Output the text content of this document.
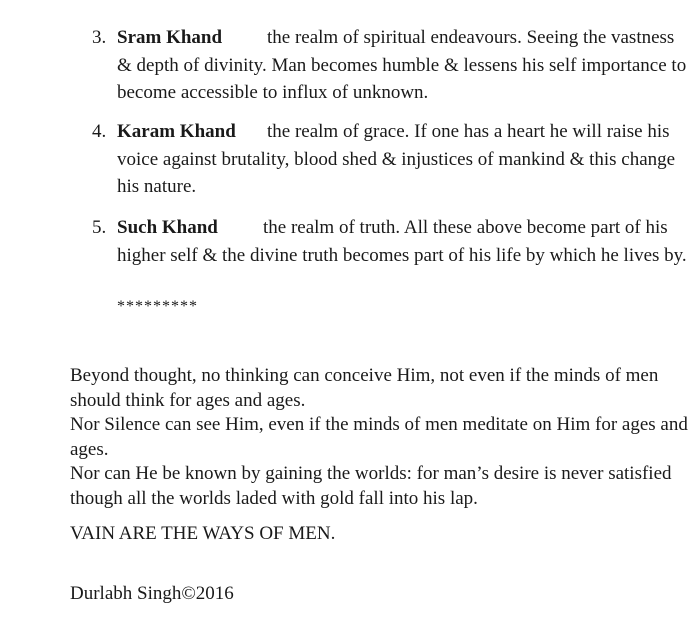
3. Sram Khand the realm of spiritual endeavours. Seeing the vastness & depth of divinity. Man becomes humble & lessens his self importance to become accessible to influx of unknown.
4. Karam Khand the realm of grace. If one has a heart he will raise his voice against brutality, blood shed & injustices of mankind & this change his nature.
5. Such Khand the realm of truth. All these above become part of his higher self & the divine truth becomes part of his life by which he lives by.
*********
Beyond thought, no thinking can conceive Him, not even if the minds of men should think for ages and ages.
Nor Silence can see Him, even if the minds of men meditate on Him for ages and ages.
Nor can He be known by gaining the worlds: for man’s desire is never satisfied though all the worlds laded with gold fall into his lap.
VAIN ARE THE WAYS OF MEN.
Durlabh Singh©2016
